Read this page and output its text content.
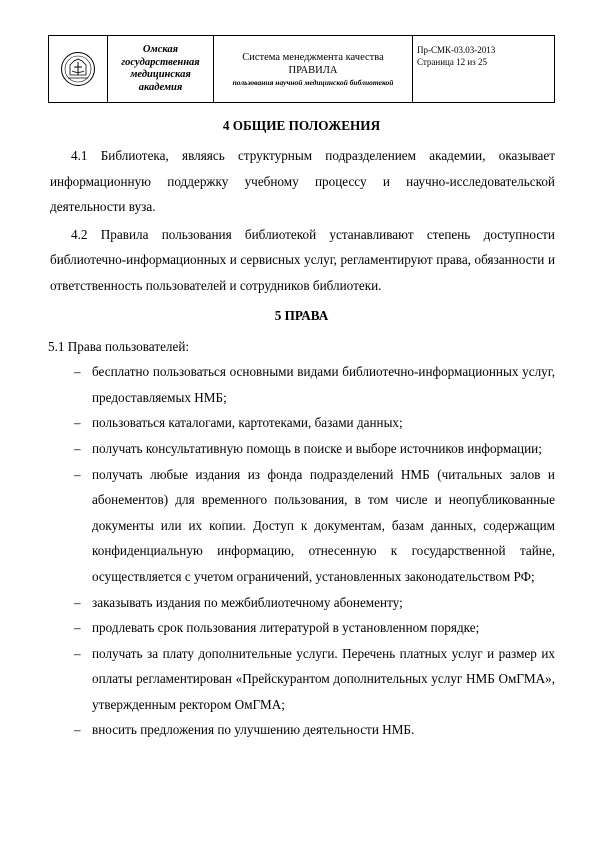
Омская
государственная
медицинская
академия

Система менеджмента качества
ПРАВИЛА
пользования научной медицинской библиотекой

Пр-СМК-03.03-2013
Страница 12 из 25

4 ОБЩИЕ ПОЛОЖЕНИЯ

4.1 Библиотека, являясь структурным подразделением академии, оказывает информационную поддержку учебному процессу и научно-исследовательской деятельности вуза.

4.2 Правила пользования библиотекой устанавливают степень доступности библиотечно-информационных и сервисных услуг, регламентируют права, обязанности и ответственность пользователей и сотрудников библиотеки.

5 ПРАВА

5.1 Права пользователей:

– бесплатно пользоваться основными видами библиотечно-информационных услуг, предоставляемых НМБ;
– пользоваться каталогами, картотеками, базами данных;
– получать консультативную помощь в поиске и выборе источников информации;
– получать любые издания из фонда подразделений НМБ (читальных залов и абонементов) для временного пользования, в том числе и неопубликованные документы или их копии. Доступ к документам, базам данных, содержащим конфиденциальную информацию, отнесенную к государственной тайне, осуществляется с учетом ограничений, установленных законодательством РФ;
– заказывать издания по межбиблиотечному абонементу;
– продлевать срок пользования литературой в установленном порядке;
– получать за плату дополнительные услуги. Перечень платных услуг и размер их оплаты регламентирован «Прейскурантом дополнительных услуг НМБ ОмГМА», утвержденным ректором ОмГМА;
– вносить предложения по улучшению деятельности НМБ.
